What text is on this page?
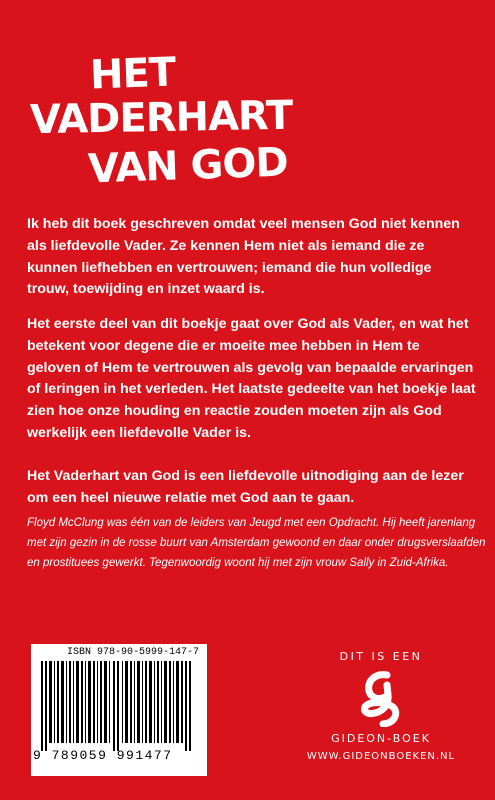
HET
VADERHART
VAN GOD

Ik heb dit boek geschreven omdat veel mensen God niet kennen als liefdevolle Vader. Ze kennen Hem niet als iemand die ze kunnen liefhebben en vertrouwen; iemand die hun volledige trouw, toewijding en inzet waard is.

Het eerste deel van dit boekje gaat over God als Vader, en wat het betekent voor degene die er moeite mee hebben in Hem te geloven of Hem te vertrouwen als gevolg van bepaalde ervaringen of leringen in het verleden. Het laatste gedeelte van het boekje laat zien hoe onze houding en reactie zouden moeten zijn als God werkelijk een liefdevolle Vader is.

Het Vaderhart van God is een liefdevolle uitnodiging aan de lezer om een heel nieuwe relatie met God aan te gaan.

Floyd McClung was één van de leiders van Jeugd met een Opdracht. Hij heeft jarenlang met zijn gezin in de rosse buurt van Amsterdam gewoond en daar onder drugsverslaafden en prostituees gewerkt. Tegenwoordig woont hij met zijn vrouw Sally in Zuid-Afrika.

ISBN 978-90-5999-147-7
9 789059 991477
DIT IS EEN
GIDEON-BOEK
WWW.GIDEONBOEKEN.NL
